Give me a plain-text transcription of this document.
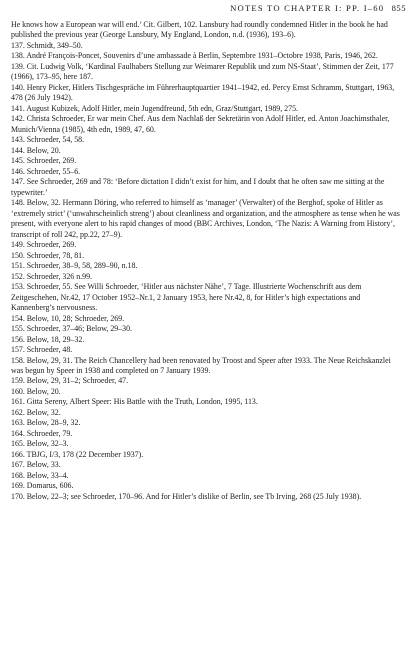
NOTES TO CHAPTER I: PP. I–60 855

He knows how a European war will end.’ Cit. Gilbert, 102. Lansbury had roundly condemned Hitler in the book he had published the previous year (George Lansbury, My England, London, n.d. (1936), 193–6).

137. Schmidt, 349–50.

138. André François-Poncet, Souvenirs d’une ambassade à Berlin, Septembre 1931–Octobre 1938, Paris, 1946, 262.

139. Cit. Ludwig Volk, ‘Kardinal Faulhabers Stellung zur Weimarer Republik und zum NS-Staat’, Stimmen der Zeit, 177 (1966), 173–95, here 187.

140. Henry Picker, Hitlers Tischgespräche im Führerhauptquartier 1941–1942, ed. Percy Ernst Schramm, Stuttgart, 1963, 478 (26 July 1942).

141. August Kubizek, Adolf Hitler, mein Jugendfreund, 5th edn, Graz/Stuttgart, 1989, 275.

142. Christa Schroeder, Er war mein Chef. Aus dem Nachlaß der Sekretärin von Adolf Hitler, ed. Anton Joachimsthaler, Munich/Vienna (1985), 4th edn, 1989, 47, 60.

143. Schroeder, 54, 58.

144. Below, 20.

145. Schroeder, 269.

146. Schroeder, 55–6.

147. See Schroeder, 269 and 78: ‘Before dictation I didn’t exist for him, and I doubt that he often saw me sitting at the typewriter.’

148. Below, 32. Hermann Döring, who referred to himself as ‘manager’ (Verwalter) of the Berghof, spoke of Hitler as ‘extremely strict’ (‘unwahrscheinlich streng’) about cleanliness and organization, and the atmosphere as tense when he was present, with everyone alert to his rapid changes of mood (BBC Archives, London, ‘The Nazis: A Warning from History’, transcript of roll 242, pp.22, 27–9).

149. Schroeder, 269.

150. Schroeder, 78, 81.

151. Schroeder, 38–9, 58, 289–90, n.18.

152. Schroeder, 326 n.99.

153. Schroeder, 55. See Willi Schroeder, ‘Hitler aus nächster Nähe’, 7 Tage. Illustrierte Wochenschrift aus dem Zeitgeschehen, Nr.42, 17 October 1952–Nr.1, 2 January 1953, here Nr.42, 8, for Hitler’s high expectations and Kannenberg’s nervousness.

154. Below, 10, 28; Schroeder, 269.

155. Schroeder, 37–46; Below, 29–30.

156. Below, 18, 29–32.

157. Schroeder, 48.

158. Below, 29, 31. The Reich Chancellery had been renovated by Troost and Speer after 1933. The Neue Reichskanzlei was begun by Speer in 1938 and completed on 7 January 1939.

159. Below, 29, 31–2; Schroeder, 47.

160. Below, 20.

161. Gitta Sereny, Albert Speer: His Battle with the Truth, London, 1995, 113.

162. Below, 32.

163. Below, 28–9, 32.

164. Schroeder, 79.

165. Below, 32–3.

166. TBJG, I/3, 178 (22 December 1937).

167. Below, 33.

168. Below, 33–4.

169. Domarus, 606.

170. Below, 22–3; see Schroeder, 170–96. And for Hitler’s dislike of Berlin, see Tb Irving, 268 (25 July 1938).
